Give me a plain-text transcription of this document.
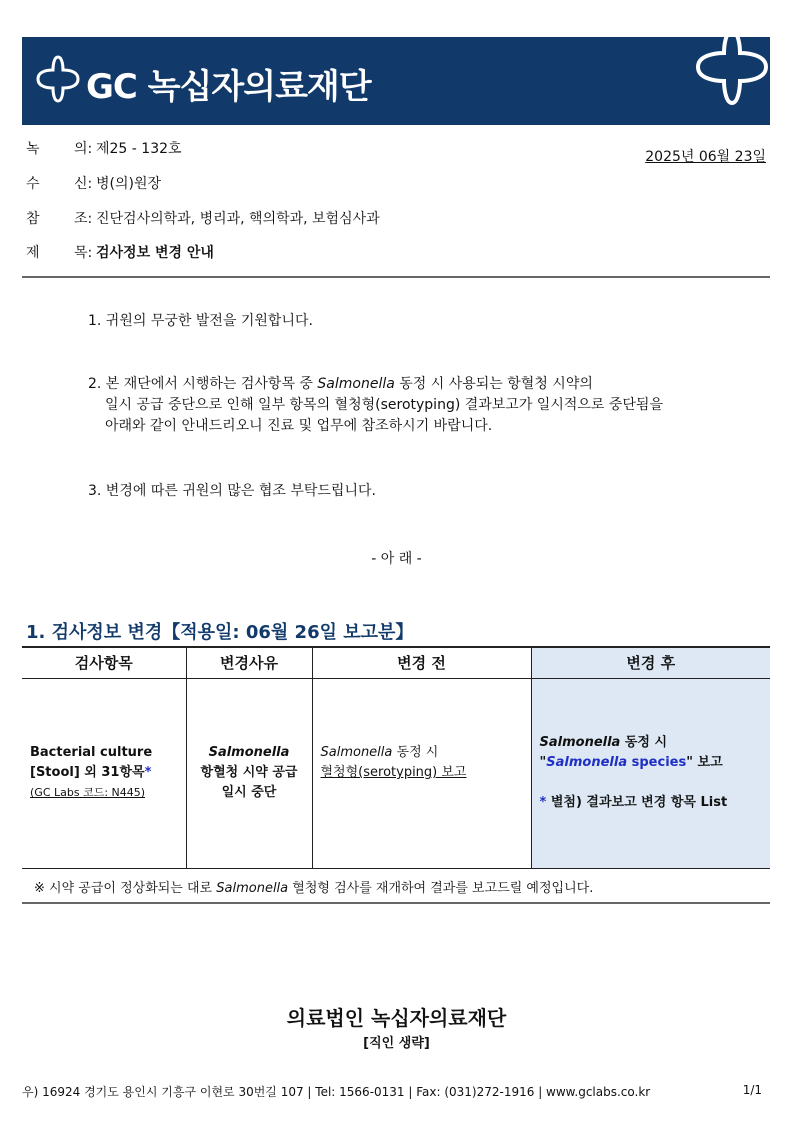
GC 녹십자의료재단
녹	의: 제25 - 132호
수	신: 병(의)원장
참	조: 진단검사의학과, 병리과, 핵의학과, 보험심사과
제	목: 검사정보 변경 안내
2025년 06월 23일
1. 귀원의 무궁한 발전을 기원합니다.
2. 본 재단에서 시행하는 검사항목 중 Salmonella 동정 시 사용되는 항혈청 시약의
일시 공급 중단으로 인해 일부 항목의 혈청형(serotyping) 결과보고가 일시적으로 중단됨을
아래와 같이 안내드리오니 진료 및 업무에 참조하시기 바랍니다.
3. 변경에 따른 귀원의 많은 협조 부탁드립니다.
- 아 래 -
1. 검사정보 변경【적용일: 06월 26일 보고분】
검사항목	변경사유	변경 전	변경 후

Bacterial culture
[Stool] 외 31항목*
(GC Labs 코드: N445)	Salmonella
항혈청 시약 공급
일시 중단	Salmonella 동정 시
혈청형(serotyping) 보고	Salmonella 동정 시
"Salmonella species" 보고

* 별첨) 결과보고 변경 항목 List
※ 시약 공급이 정상화되는 대로 Salmonella 혈청형 검사를 재개하여 결과를 보고드릴 예정입니다.
의료법인 녹십자의료재단
[직인 생략]
우) 16924 경기도 용인시 기흥구 이현로 30번길 107 | Tel: 1566-0131 | Fax: (031)272-1916 | www.gclabs.co.kr	1/1
